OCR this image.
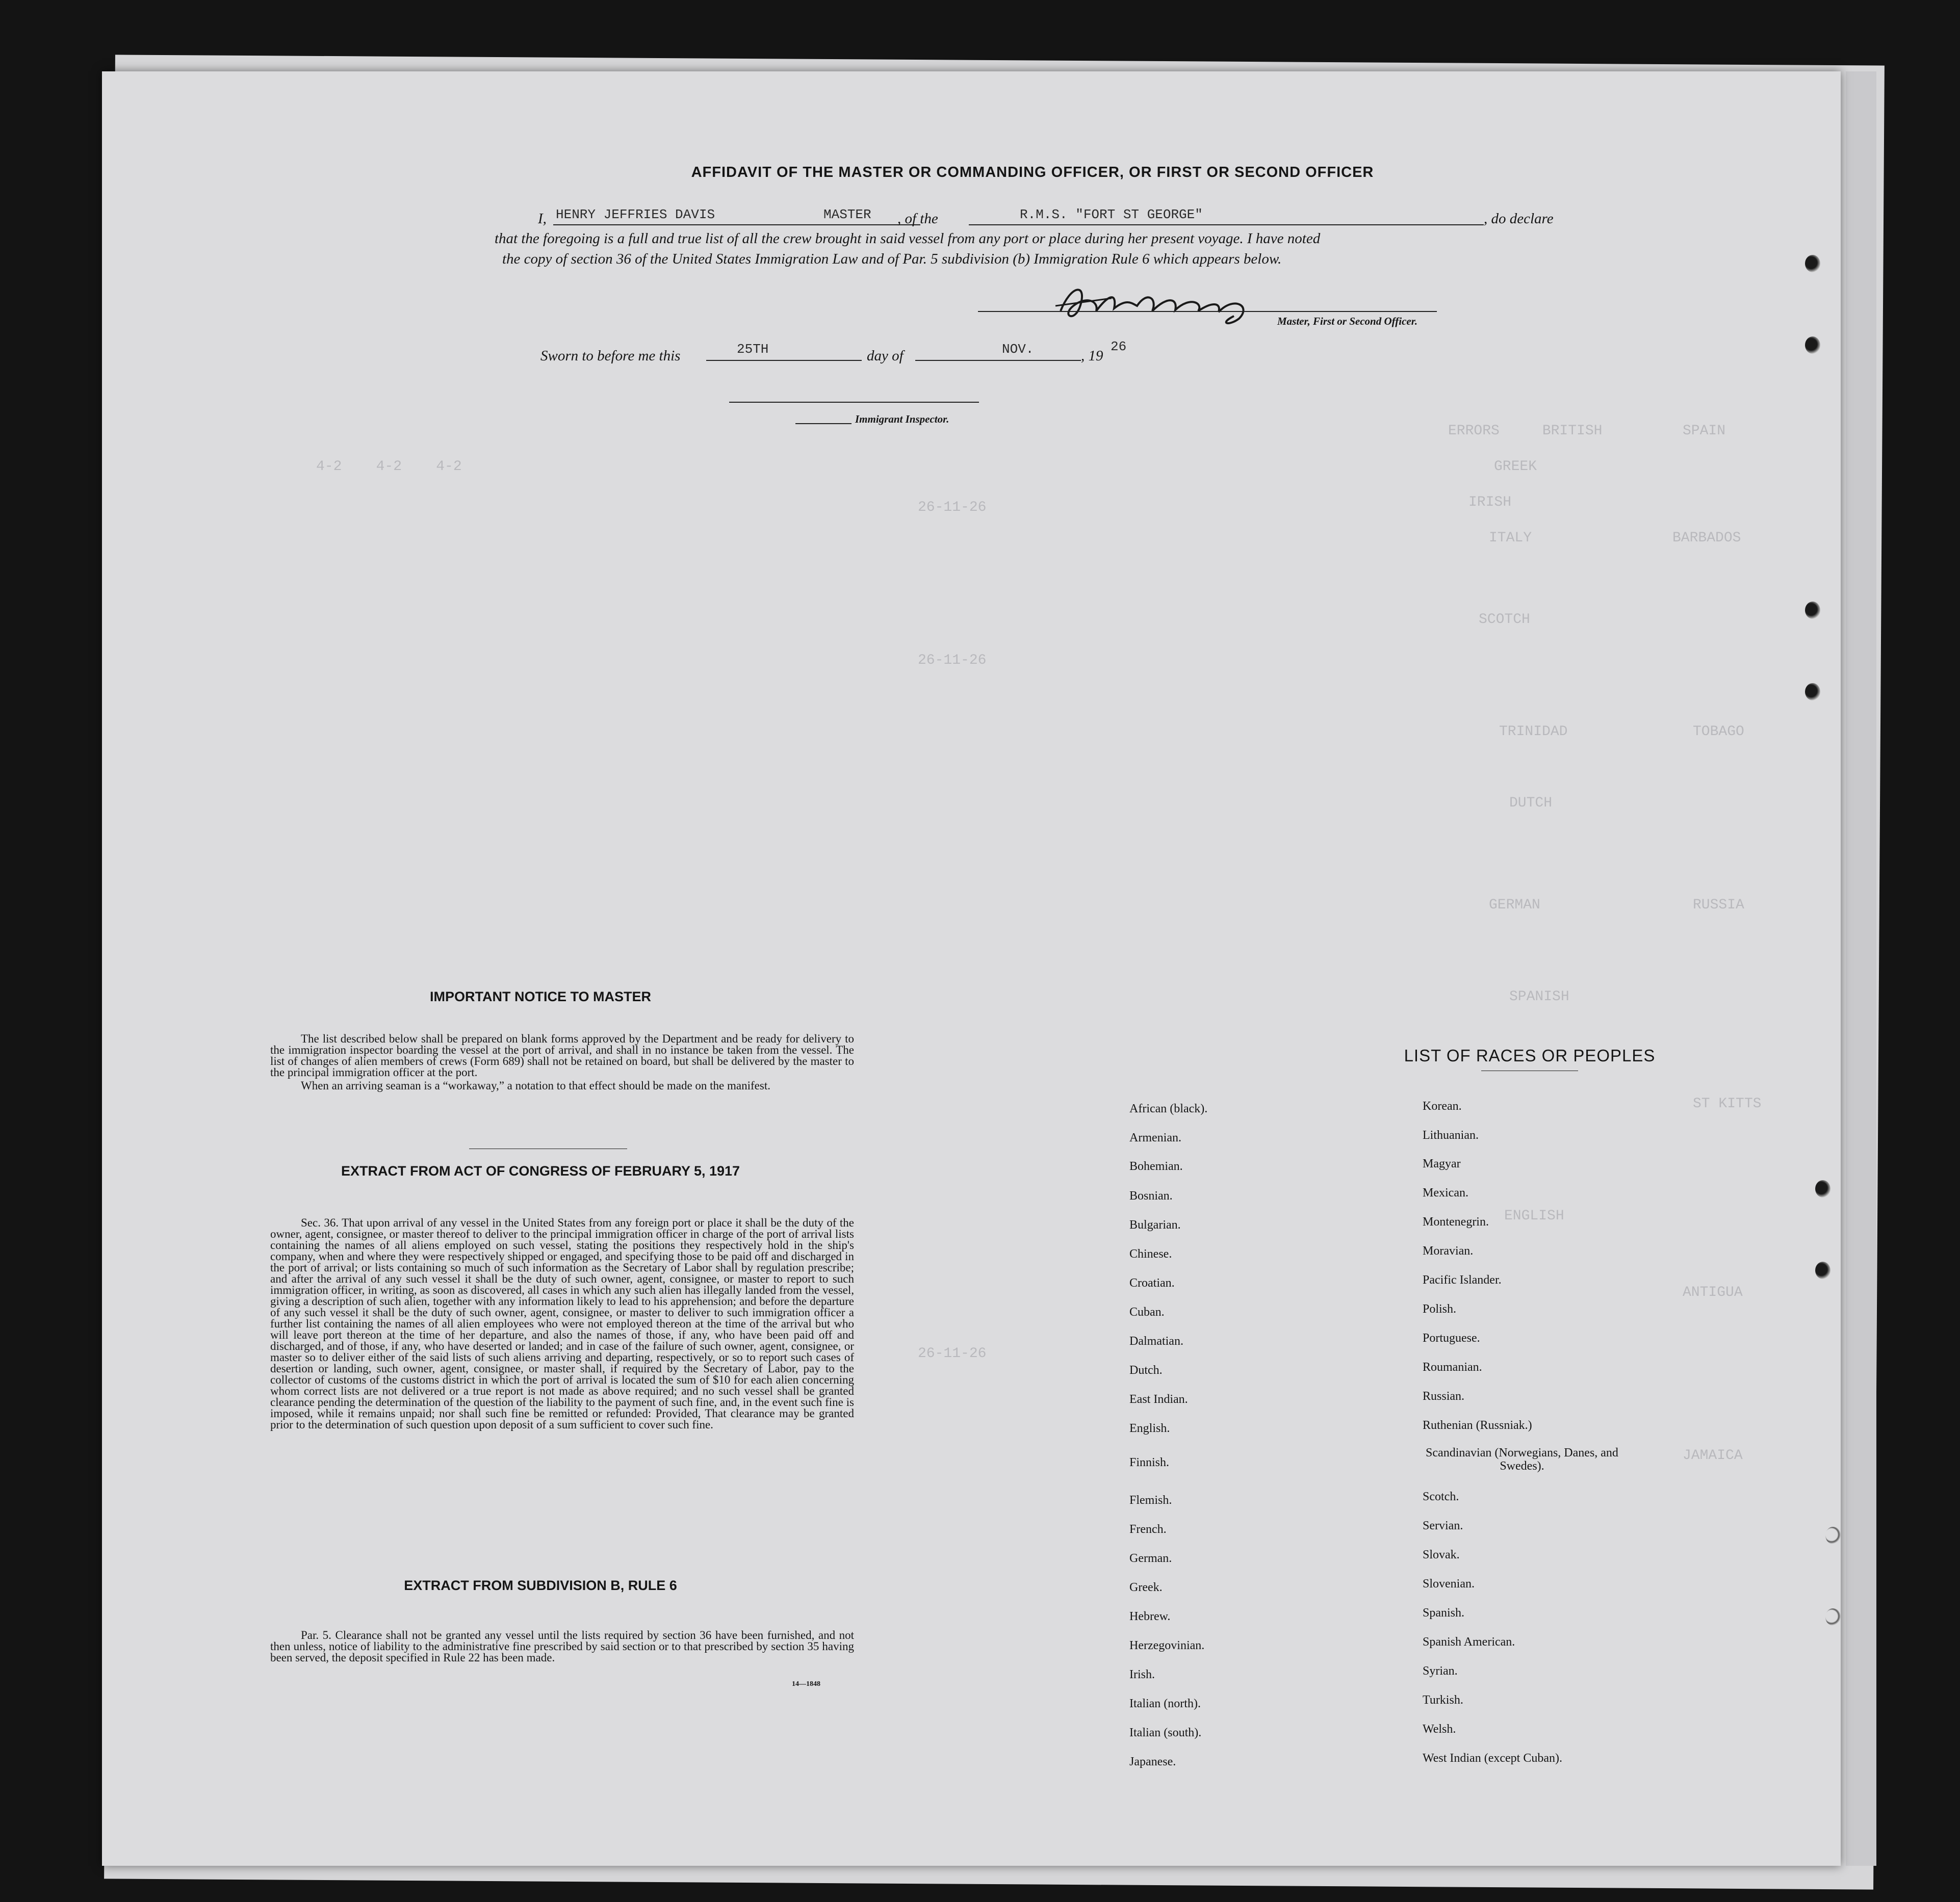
ERRORS     BRITISH
GREEK
IRISH
ITALY
SCOTCH
TRINIDAD
DUTCH
GERMAN
SPANISH
ENGLISH
SPAIN
BARBADOS
TOBAGO
RUSSIA
ST KITTS
ANTIGUA
JAMAICA
4-2    4-2    4-2
26-11-26
26-11-26
26-11-26
AFFIDAVIT OF THE MASTER OR COMMANDING OFFICER, OR FIRST OR SECOND OFFICER
I, HENRY JEFFRIES DAVIS	MASTER , of the	R.M.S. "FORT ST GEORGE"	, do declare
that the foregoing is a full and true list of all the crew brought in said vessel from any port or place during her present voyage. I have noted
the copy of section 36 of the United States Immigration Law and of Par. 5 subdivision (b) Immigration Rule 6 which appears below.
Master, First or Second Officer.
Sworn to before me this	25TH	day of	NOV.	, 19
26
Immigrant Inspector.
IMPORTANT NOTICE TO MASTER

The list described below shall be prepared on blank forms approved by the Department and be ready for delivery to the immigration inspector boarding the vessel at the port of arrival, and shall in no instance be taken from the vessel. The list of changes of alien members of crews (Form 689) shall not be retained on board, but shall be delivered by the master to the principal immigration officer at the port.

When an arriving seaman is a “workaway,” a notation to that effect should be made on the manifest.

EXTRACT FROM ACT OF CONGRESS OF FEBRUARY 5, 1917

Sec. 36. That upon arrival of any vessel in the United States from any foreign port or place it shall be the duty of the owner, agent, consignee, or master thereof to deliver to the principal immigration officer in charge of the port of arrival lists containing the names of all aliens employed on such vessel, stating the positions they respectively hold in the ship's company, when and where they were respectively shipped or engaged, and specifying those to be paid off and discharged in the port of arrival; or lists containing so much of such information as the Secretary of Labor shall by regulation prescribe; and after the arrival of any such vessel it shall be the duty of such owner, agent, consignee, or master to report to such immigration officer, in writing, as soon as discovered, all cases in which any such alien has illegally landed from the vessel, giving a description of such alien, together with any information likely to lead to his apprehension; and before the departure of any such vessel it shall be the duty of such owner, agent, consignee, or master to deliver to such immigration officer a further list containing the names of all alien employees who were not employed thereon at the time of the arrival but who will leave port thereon at the time of her departure, and also the names of those, if any, who have been paid off and discharged, and of those, if any, who have deserted or landed; and in case of the failure of such owner, agent, consignee, or master so to deliver either of the said lists of such aliens arriving and departing, respectively, or so to report such cases of desertion or landing, such owner, agent, consignee, or master shall, if required by the Secretary of Labor, pay to the collector of customs of the customs district in which the port of arrival is located the sum of $10 for each alien concerning whom correct lists are not delivered or a true report is not made as above required; and no such vessel shall be granted clearance pending the determination of the question of the liability to the payment of such fine, and, in the event such fine is imposed, while it remains unpaid; nor shall such fine be remitted or refunded: Provided, That clearance may be granted prior to the determination of such question upon deposit of a sum sufficient to cover such fine.

EXTRACT FROM SUBDIVISION B, RULE 6

Par. 5. Clearance shall not be granted any vessel until the lists required by section 36 have been furnished, and not then unless, notice of liability to the administrative fine prescribed by said section or to that prescribed by section 35 having been served, the deposit specified in Rule 22 has been made.

14—1848
LIST OF RACES OR PEOPLES
African (black).
Armenian.
Bohemian.
Bosnian.
Bulgarian.
Chinese.
Croatian.
Cuban.
Dalmatian.
Dutch.
East Indian.
English.
Finnish.
Flemish.
French.
German.
Greek.
Hebrew.
Herzegovinian.
Irish.
Italian (north).
Italian (south).
Japanese.
Korean.
Lithuanian.
Magyar
Mexican.
Montenegrin.
Moravian.
Pacific Islander.
Polish.
Portuguese.
Roumanian.
Russian.
Ruthenian (Russniak.)
Scandinavian (Norwegians, Danes, and Swedes).
Scotch.
Servian.
Slovak.
Slovenian.
Spanish.
Spanish American.
Syrian.
Turkish.
Welsh.
West Indian (except Cuban).
